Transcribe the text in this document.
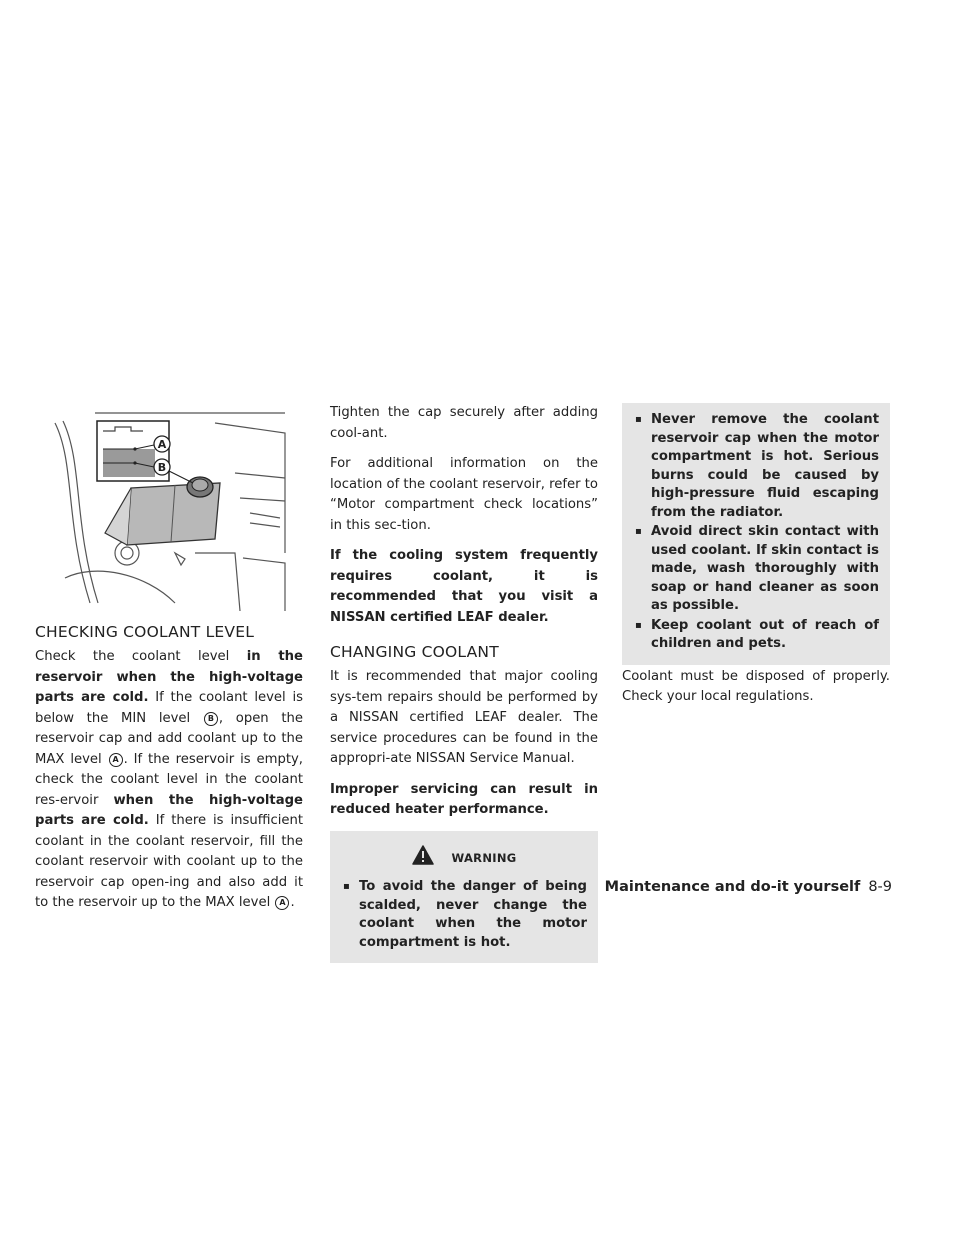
A
B
CHECKING COOLANT LEVEL

Check the coolant level in the reservoir when the high-voltage parts are cold. If the coolant level is below the MIN level B , open the reservoir cap and add coolant up to the MAX level A . If the reservoir is empty, check the coolant level in the coolant res-ervoir when the high-voltage parts are cold. If there is insufficient coolant in the coolant reservoir, fill the coolant reservoir with coolant up to the reservoir cap open-ing and also add it to the reservoir up to the MAX level A .

Tighten the cap securely after adding cool-ant.

For additional information on the location of the coolant reservoir, refer to “Motor compartment check locations” in this sec-tion.

If the cooling system frequently requires coolant, it is recommended that you visit a NISSAN certified LEAF dealer.

CHANGING COOLANT

It is recommended that major cooling sys-tem repairs should be performed by a NISSAN certified LEAF dealer. The service procedures can be found in the appropri-ate NISSAN Service Manual.

Improper servicing can result in reduced heater performance.

WARNING
▪ To avoid the danger of being scalded, never change the coolant when the motor compartment is hot.
▪ Never remove the coolant reservoir cap when the motor compartment is hot. Serious burns could be caused by high-pressure fluid escaping from the radiator.
▪ Avoid direct skin contact with used coolant. If skin contact is made, wash thoroughly with soap or hand cleaner as soon as possible.
▪ Keep coolant out of reach of children and pets.

Coolant must be disposed of properly. Check your local regulations.

Maintenance and do-it yourself 8-9
